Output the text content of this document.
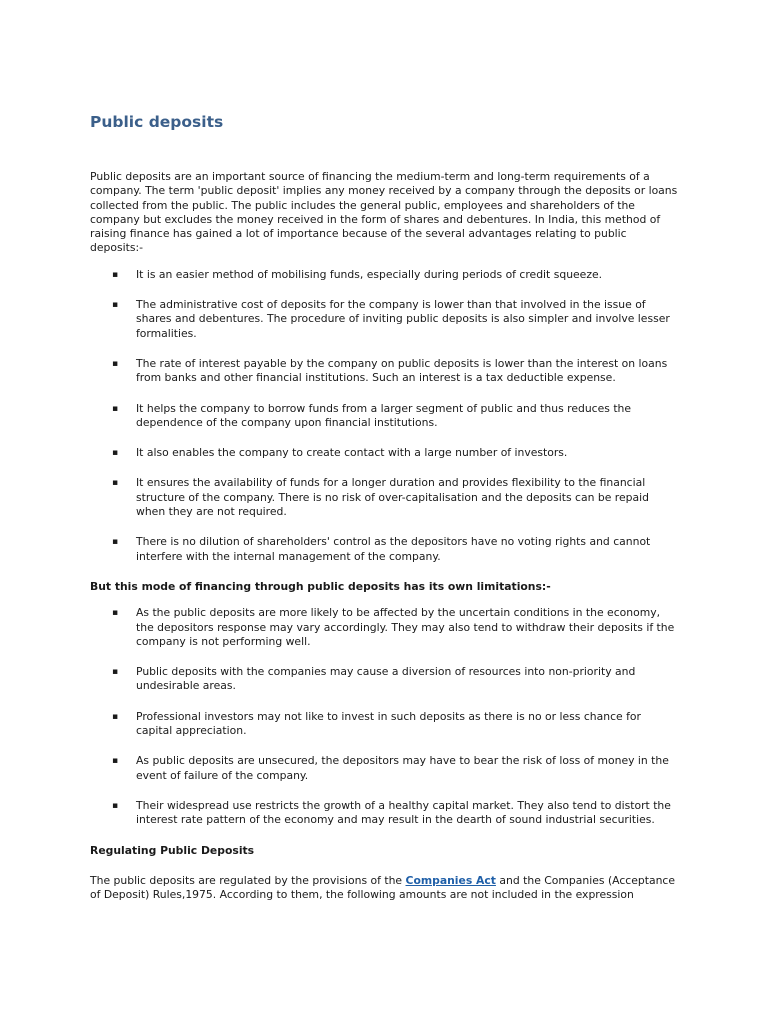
Public deposits

Public deposits are an important source of financing the medium-term and long-term requirements of a company. The term 'public deposit' implies any money received by a company through the deposits or loans collected from the public. The public includes the general public, employees and shareholders of the company but excludes the money received in the form of shares and debentures. In India, this method of raising finance has gained a lot of importance because of the several advantages relating to public deposits:-

▪ It is an easier method of mobilising funds, especially during periods of credit squeeze.
▪ The administrative cost of deposits for the company is lower than that involved in the issue of shares and debentures. The procedure of inviting public deposits is also simpler and involve lesser formalities.
▪ The rate of interest payable by the company on public deposits is lower than the interest on loans from banks and other financial institutions. Such an interest is a tax deductible expense.
▪ It helps the company to borrow funds from a larger segment of public and thus reduces the dependence of the company upon financial institutions.
▪ It also enables the company to create contact with a large number of investors.
▪ It ensures the availability of funds for a longer duration and provides flexibility to the financial structure of the company. There is no risk of over-capitalisation and the deposits can be repaid when they are not required.
▪ There is no dilution of shareholders' control as the depositors have no voting rights and cannot interfere with the internal management of the company.

But this mode of financing through public deposits has its own limitations:-

▪ As the public deposits are more likely to be affected by the uncertain conditions in the economy, the depositors response may vary accordingly. They may also tend to withdraw their deposits if the company is not performing well.
▪ Public deposits with the companies may cause a diversion of resources into non-priority and undesirable areas.
▪ Professional investors may not like to invest in such deposits as there is no or less chance for capital appreciation.
▪ As public deposits are unsecured, the depositors may have to bear the risk of loss of money in the event of failure of the company.
▪ Their widespread use restricts the growth of a healthy capital market. They also tend to distort the interest rate pattern of the economy and may result in the dearth of sound industrial securities.

Regulating Public Deposits

The public deposits are regulated by the provisions of the Companies Act and the Companies (Acceptance of Deposit) Rules,1975. According to them, the following amounts are not included in the expression
